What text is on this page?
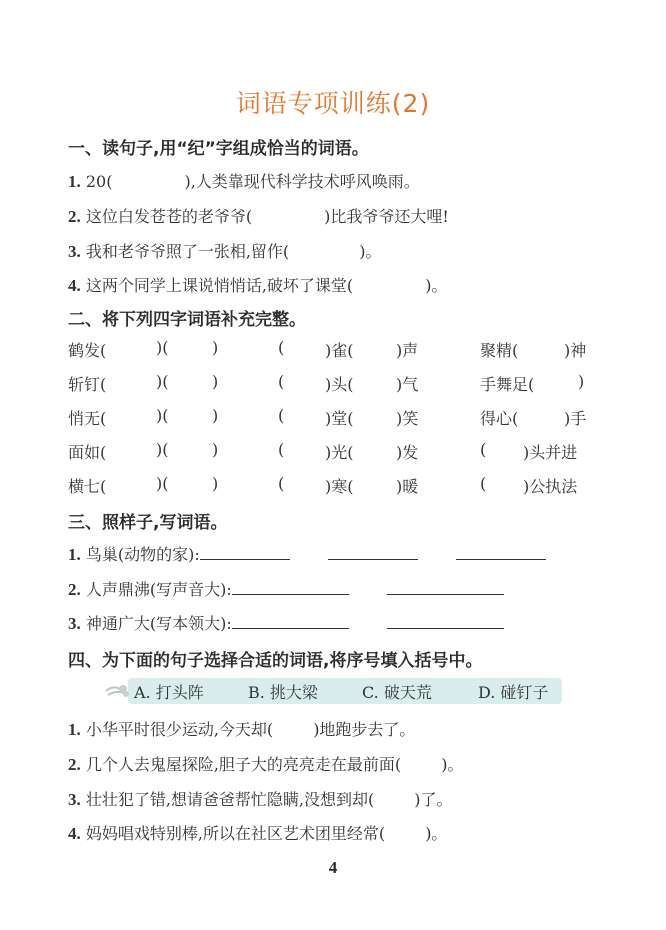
词语专项训练(2)
一、读句子,用“纪”字组成恰当的词语。
1. 20(	),人类靠现代科学技术呼风唤雨。
2. 这位白发苍苍的老爷爷(	)比我爷爷还大哩!
3. 我和老爷爷照了一张相,留作(	)。
4. 这两个同学上课说悄悄话,破坏了课堂(	)。
二、将下列四字词语补充完整。
鹤发(	)(	)	(	)雀(	)声	聚精(	)神
斩钉(	)(	)	(	)头(	)气	手舞足(	)
悄无(	)(	)	(	)堂(	)笑	得心(	)手
面如(	)(	)	(	)光(	)发	( )头并进
横七(	)(	)	(	)寒(	)暖	( )公执法
三、照样子,写词语。
1. 鸟巢(动物的家):
2. 人声鼎沸(写声音大):
3. 神通广大(写本领大):
四、为下面的句子选择合适的词语,将序号填入括号中。
A. 打头阵	B. 挑大梁	C. 破天荒	D. 碰钉子
1. 小华平时很少运动,今天却(	)地跑步去了。
2. 几个人去鬼屋探险,胆子大的亮亮走在最前面(	)。
3. 壮壮犯了错,想请爸爸帮忙隐瞒,没想到却(	)了。
4. 妈妈唱戏特别棒,所以在社区艺术团里经常(	)。
4
